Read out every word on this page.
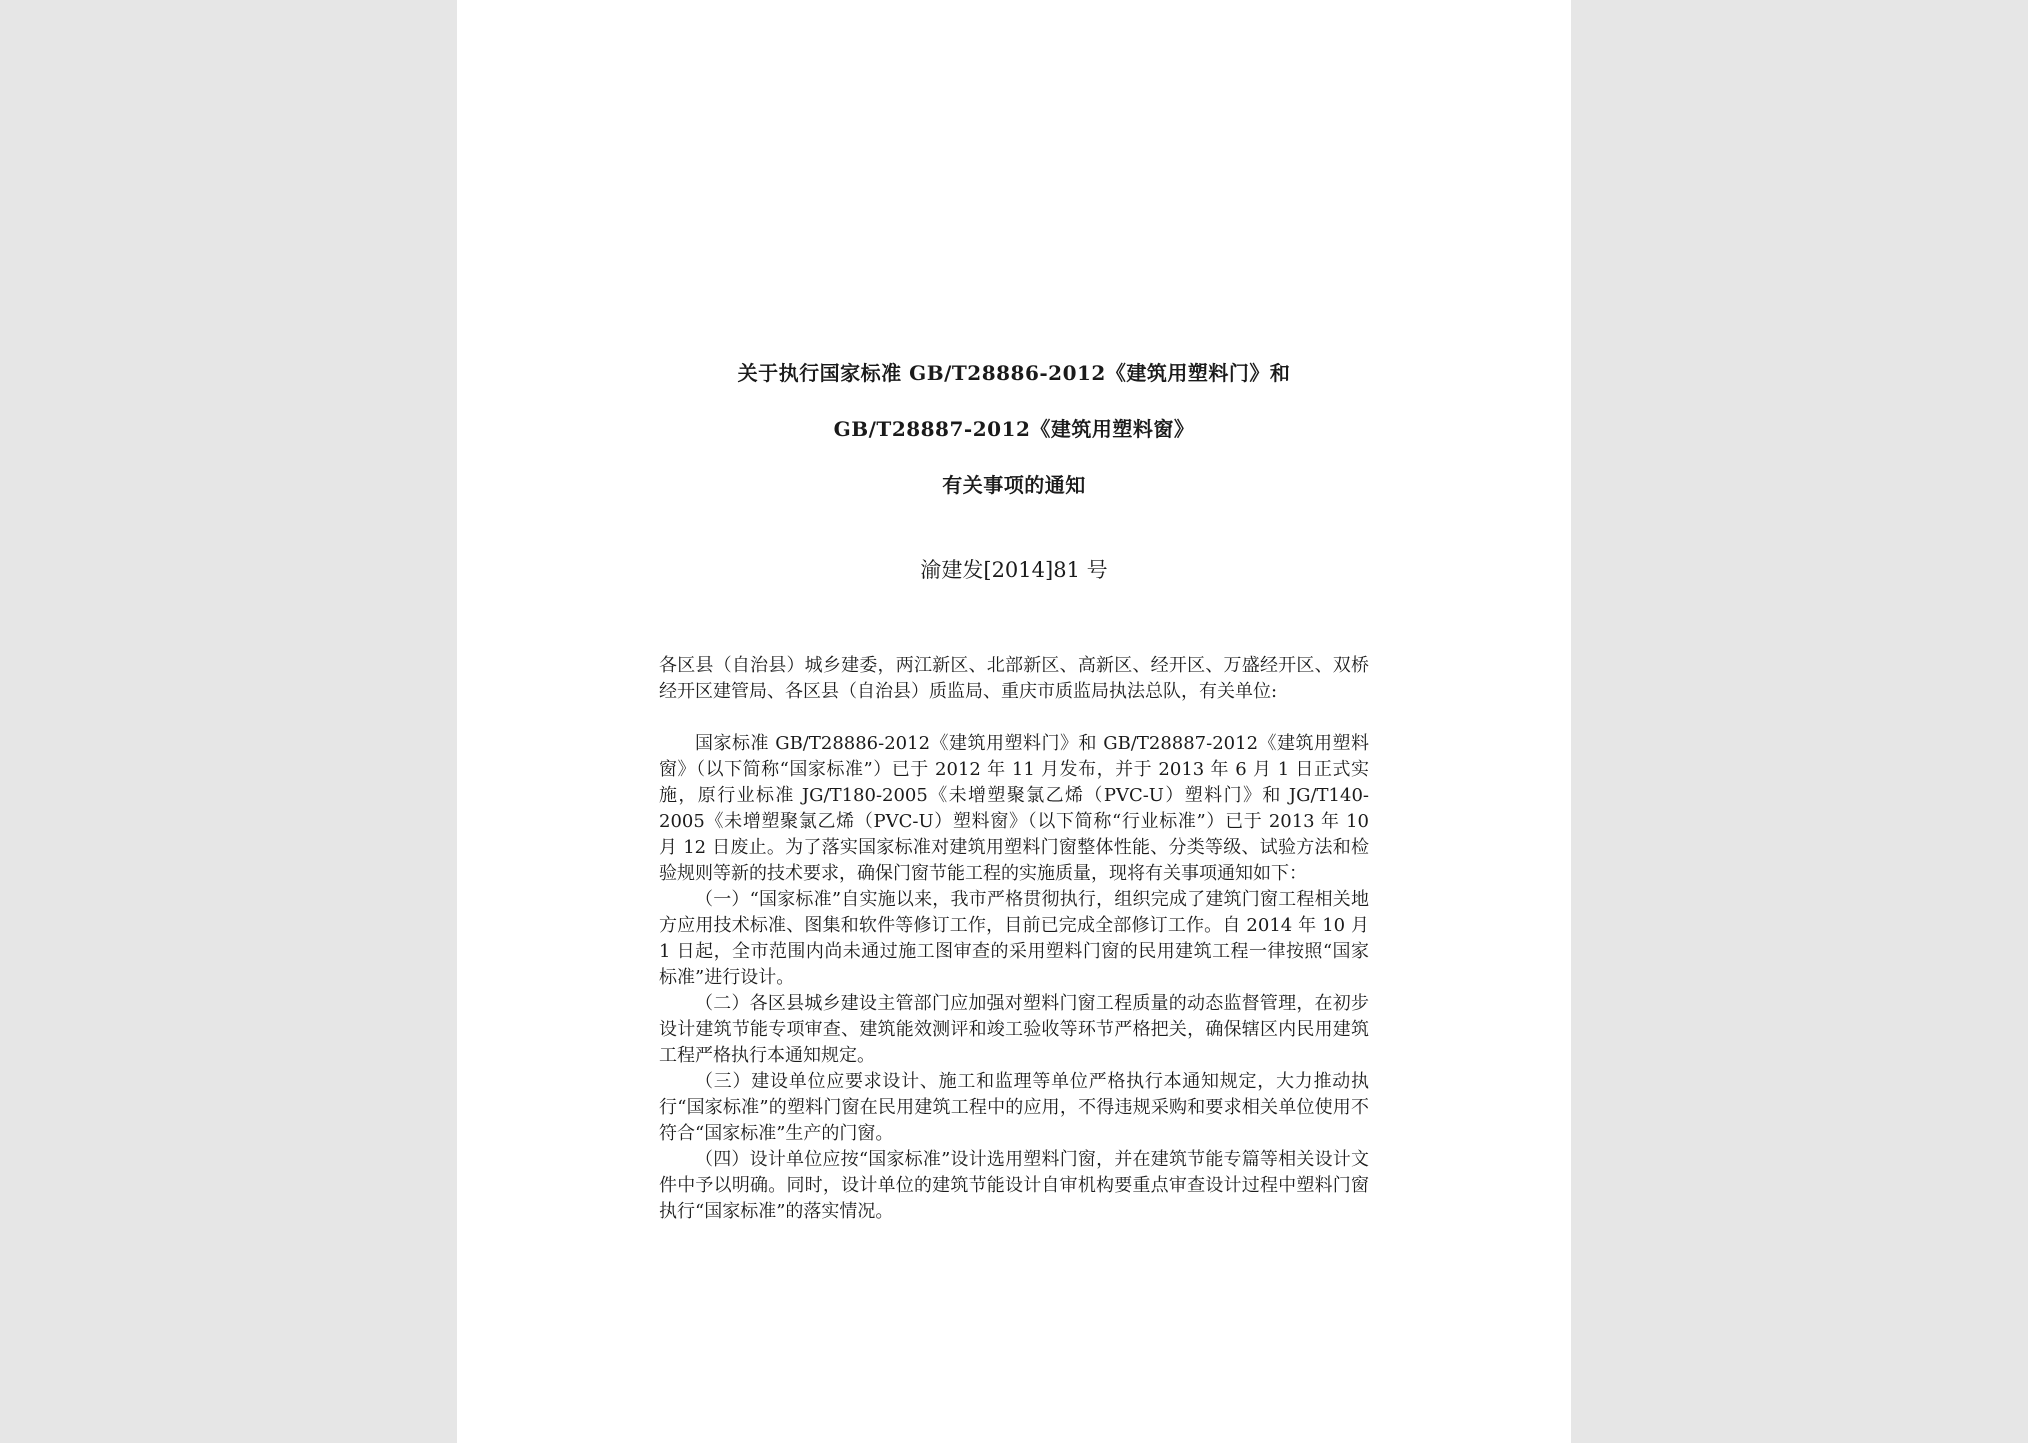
关于执行国家标准 GB/T28886-2012《建筑用塑料门》和
GB/T28887-2012《建筑用塑料窗》
有关事项的通知
渝建发[2014]81 号
各区县（自治县）城乡建委，两江新区、北部新区、高新区、经开区、万盛经开区、双桥经开区建管局、各区县（自治县）质监局、重庆市质监局执法总队，有关单位:

国家标准 GB/T28886-2012《建筑用塑料门》和 GB/T28887-2012《建筑用塑料窗》（以下简称“国家标准”）已于 2012 年 11 月发布，并于 2013 年 6 月 1 日正式实施，原行业标准 JG/T180-2005《未增塑聚氯乙烯（PVC-U）塑料门》和 JG/T140-2005《未增塑聚氯乙烯（PVC-U）塑料窗》（以下简称“行业标准”）已于 2013 年 10 月 12 日废止。为了落实国家标准对建筑用塑料门窗整体性能、分类等级、试验方法和检验规则等新的技术要求，确保门窗节能工程的实施质量，现将有关事项通知如下：

（一）“国家标准”自实施以来，我市严格贯彻执行，组织完成了建筑门窗工程相关地方应用技术标准、图集和软件等修订工作，目前已完成全部修订工作。自 2014 年 10 月 1 日起，全市范围内尚未通过施工图审查的采用塑料门窗的民用建筑工程一律按照“国家标准”进行设计。

（二）各区县城乡建设主管部门应加强对塑料门窗工程质量的动态监督管理，在初步设计建筑节能专项审查、建筑能效测评和竣工验收等环节严格把关，确保辖区内民用建筑工程严格执行本通知规定。

（三）建设单位应要求设计、施工和监理等单位严格执行本通知规定，大力推动执行“国家标准”的塑料门窗在民用建筑工程中的应用，不得违规采购和要求相关单位使用不符合“国家标准”生产的门窗。

（四）设计单位应按“国家标准”设计选用塑料门窗，并在建筑节能专篇等相关设计文件中予以明确。同时，设计单位的建筑节能设计自审机构要重点审查设计过程中塑料门窗执行“国家标准”的落实情况。
